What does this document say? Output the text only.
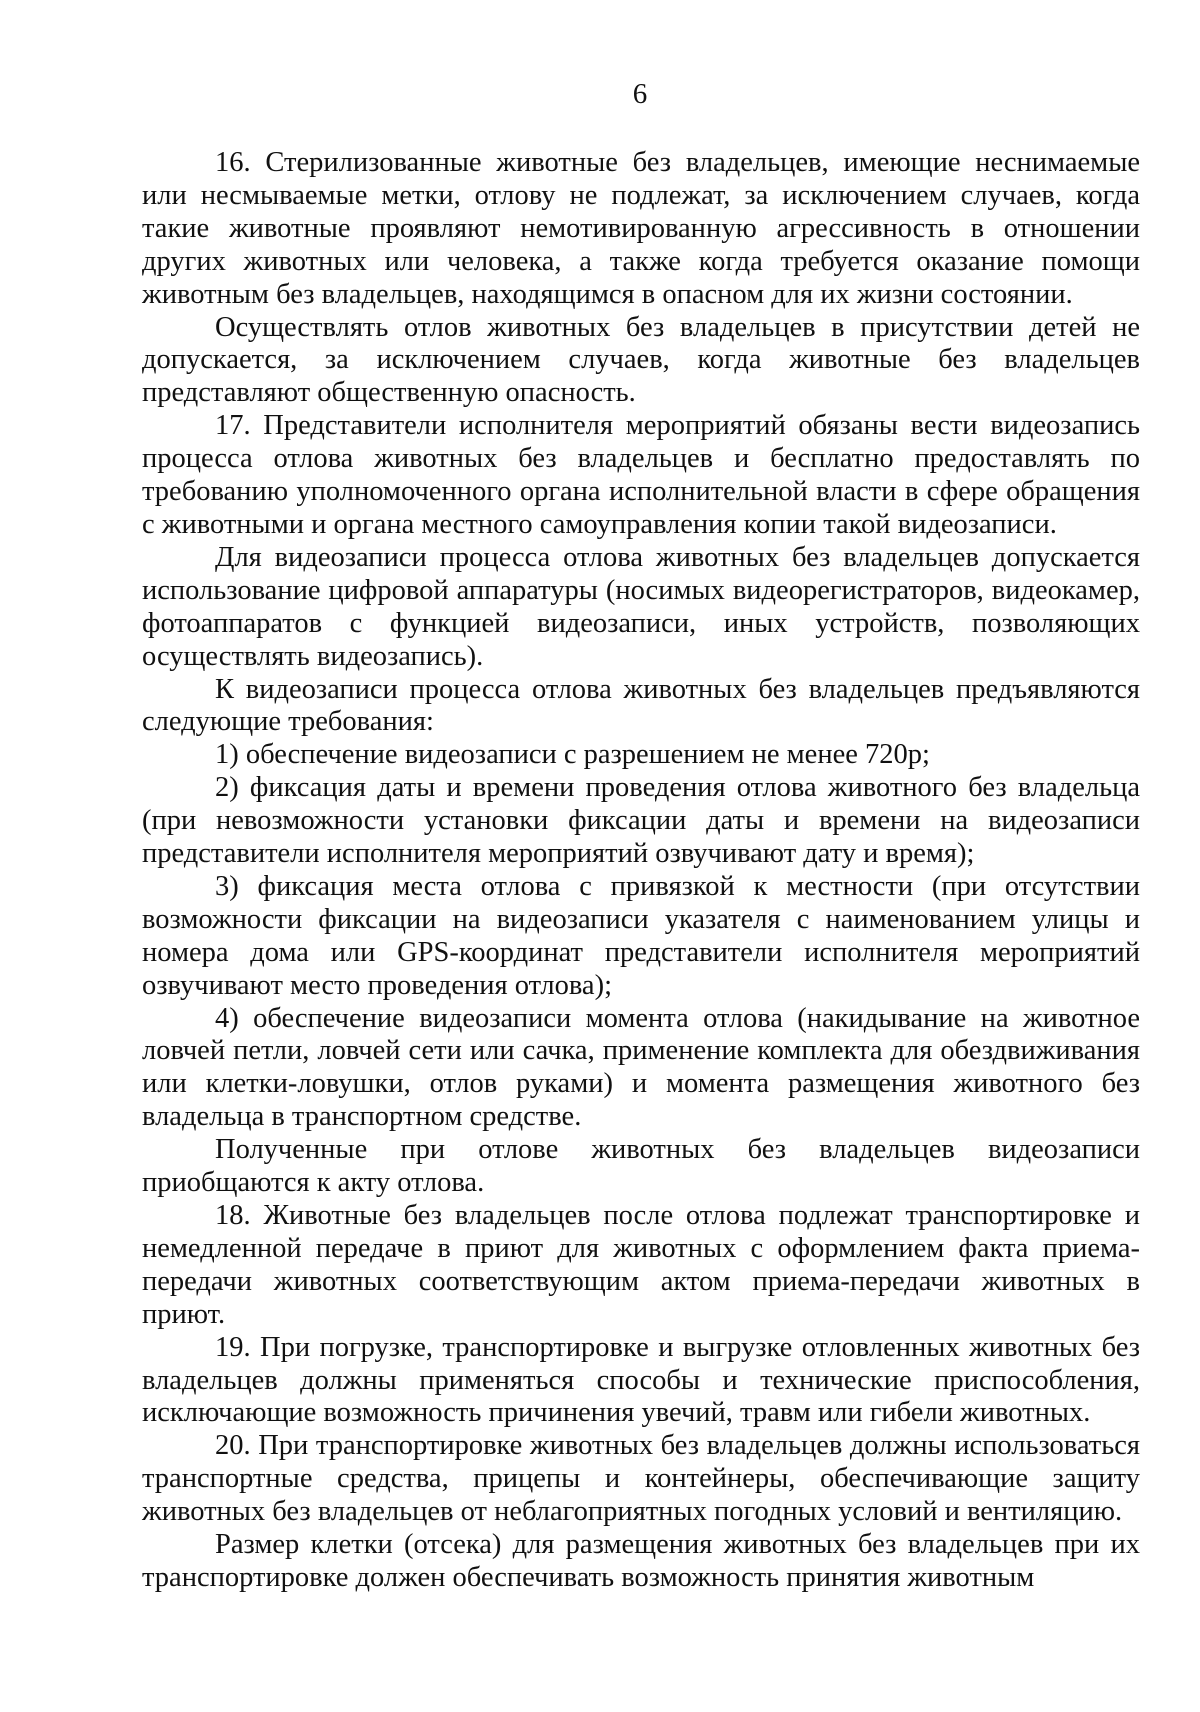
6

16. Стерилизованные животные без владельцев, имеющие неснимаемые или несмываемые метки, отлову не подлежат, за исключением случаев, когда такие животные проявляют немотивированную агрессивность в отношении других животных или человека, а также когда требуется оказание помощи животным без владельцев, находящимся в опасном для их жизни состоянии.

Осуществлять отлов животных без владельцев в присутствии детей не допускается, за исключением случаев, когда животные без владельцев представляют общественную опасность.

17. Представители исполнителя мероприятий обязаны вести видеозапись процесса отлова животных без владельцев и бесплатно предоставлять по требованию уполномоченного органа исполнительной власти в сфере обращения с животными и органа местного самоуправления копии такой видеозаписи.

Для видеозаписи процесса отлова животных без владельцев допускается использование цифровой аппаратуры (носимых видеорегистраторов, видеокамер, фотоаппаратов с функцией видеозаписи, иных устройств, позволяющих осуществлять видеозапись).

К видеозаписи процесса отлова животных без владельцев предъявляются следующие требования:

1) обеспечение видеозаписи с разрешением не менее 720р;

2) фиксация даты и времени проведения отлова животного без владельца (при невозможности установки фиксации даты и времени на видеозаписи представители исполнителя мероприятий озвучивают дату и время);

3) фиксация места отлова с привязкой к местности (при отсутствии возможности фиксации на видеозаписи указателя с наименованием улицы и номера дома или GPS-координат представители исполнителя мероприятий озвучивают место проведения отлова);

4) обеспечение видеозаписи момента отлова (накидывание на животное ловчей петли, ловчей сети или сачка, применение комплекта для обездвиживания или клетки-ловушки, отлов руками) и момента размещения животного без владельца в транспортном средстве.

Полученные при отлове животных без владельцев видеозаписи приобщаются к акту отлова.

18. Животные без владельцев после отлова подлежат транспортировке и немедленной передаче в приют для животных с оформлением факта приема-передачи животных соответствующим актом приема-передачи животных в приют.

19. При погрузке, транспортировке и выгрузке отловленных животных без владельцев должны применяться способы и технические приспособления, исключающие возможность причинения увечий, травм или гибели животных.

20. При транспортировке животных без владельцев должны использоваться транспортные средства, прицепы и контейнеры, обеспечивающие защиту животных без владельцев от неблагоприятных погодных условий и вентиляцию.

Размер клетки (отсека) для размещения животных без владельцев при их транспортировке должен обеспечивать возможность принятия животным
